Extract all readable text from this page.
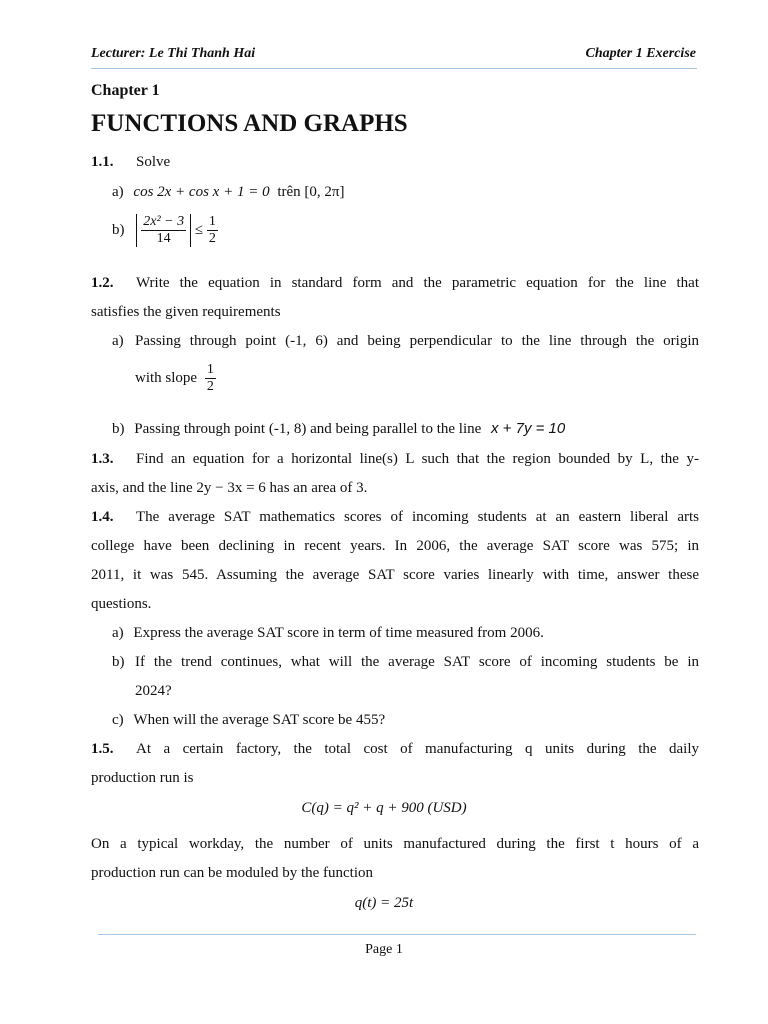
Lecturer: Le Thi Thanh Hai	Chapter 1 Exercise
Chapter 1
FUNCTIONS AND GRAPHS
1.1. Solve
a) cos 2x + cos x + 1 = 0 trên [0, 2π]
$b) \frac{\text{2x² − 3}}{14} \le \frac{1}{2}$
1.2. Write the equation in standard form and the parametric equation for the line that
satisfies the given requirements
a) Passing through point (-1, 6) and being perpendicular to the line through the origin
with slope $\frac{1}{2}$
b) Passing through point (-1, 8) and being parallel to the line x + 7y = 10
1.3. Find an equation for a horizontal line(s) L such that the region bounded by L, the y-
axis, and the line 2y − 3x = 6 has an area of 3.
1.4. The average SAT mathematics scores of incoming students at an eastern liberal arts
college have been declining in recent years. In 2006, the average SAT score was 575; in
2011, it was 545. Assuming the average SAT score varies linearly with time, answer these
questions.
a) Express the average SAT score in term of time measured from 2006.
b) If the trend continues, what will the average SAT score of incoming students be in
2024?
c) When will the average SAT score be 455?
1.5. At a certain factory, the total cost of manufacturing q units during the daily
production run is
C(q) = q² + q + 900 (USD)
On a typical workday, the number of units manufactured during the first t hours of a
production run can be moduled by the function
q(t) = 25t
Page 1
